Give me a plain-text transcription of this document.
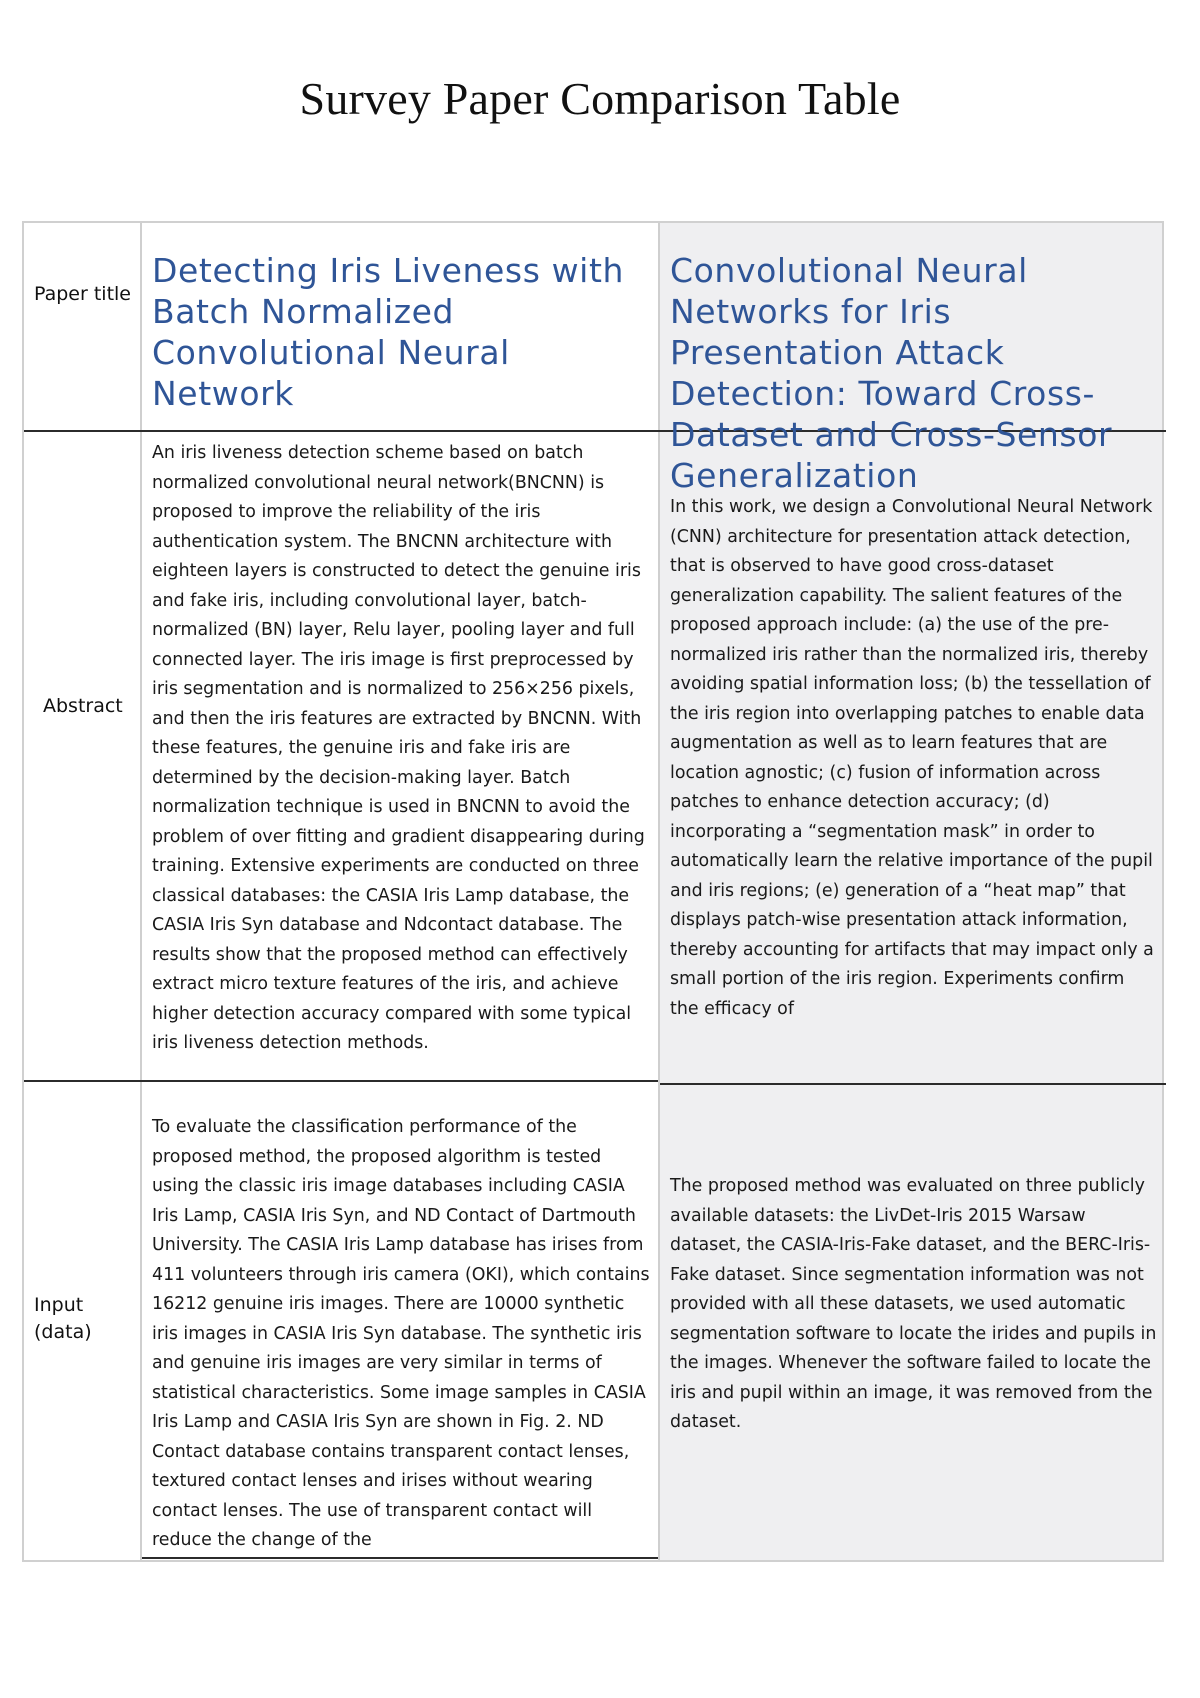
Survey Paper Comparison Table
Paper title
Abstract
Input (data)
Detecting Iris Liveness with Batch Normalized Convolutional Neural Network
Convolutional Neural Networks for Iris Presentation Attack Detection: Toward Cross-Dataset and Cross-Sensor Generalization

An iris liveness detection scheme based on batch normalized convolutional neural network(BNCNN) is proposed to improve the reliability of the iris authentication system. The BNCNN architecture with eighteen layers is constructed to detect the genuine iris and fake iris, including convolutional layer, batch-normalized (BN) layer, Relu layer, pooling layer and full connected layer. The iris image is first preprocessed by iris segmentation and is normalized to 256×256 pixels, and then the iris features are extracted by BNCNN. With these features, the genuine iris and fake iris are determined by the decision-making layer. Batch normalization technique is used in BNCNN to avoid the problem of over fitting and gradient disappearing during training. Extensive experiments are conducted on three classical databases: the CASIA Iris Lamp database, the CASIA Iris Syn database and Ndcontact database. The results show that the proposed method can effectively extract micro texture features of the iris, and achieve higher detection accuracy compared with some typical iris liveness detection methods.

In this work, we design a Convolutional Neural Network (CNN) architecture for presentation attack detection, that is observed to have good cross-dataset generalization capability. The salient features of the proposed approach include: (a) the use of the pre-normalized iris rather than the normalized iris, thereby avoiding spatial information loss; (b) the tessellation of the iris region into overlapping patches to enable data augmentation as well as to learn features that are location agnostic; (c) fusion of information across patches to enhance detection accuracy; (d) incorporating a “segmentation mask” in order to automatically learn the relative importance of the pupil and iris regions; (e) generation of a “heat map” that displays patch-wise presentation attack information, thereby accounting for artifacts that may impact only a small portion of the iris region. Experiments confirm the efficacy of

To evaluate the classification performance of the proposed method, the proposed algorithm is tested using the classic iris image databases including CASIA Iris Lamp, CASIA Iris Syn, and ND Contact of Dartmouth University. The CASIA Iris Lamp database has irises from 411 volunteers through iris camera (OKI), which contains 16212 genuine iris images. There are 10000 synthetic iris images in CASIA Iris Syn database. The synthetic iris and genuine iris images are very similar in terms of statistical characteristics. Some image samples in CASIA Iris Lamp and CASIA Iris Syn are shown in Fig. 2. ND Contact database contains transparent contact lenses, textured contact lenses and irises without wearing contact lenses. The use of transparent contact will reduce the change of the

The proposed method was evaluated on three publicly available datasets: the LivDet-Iris 2015 Warsaw dataset, the CASIA-Iris-Fake dataset, and the BERC-Iris-Fake dataset. Since segmentation information was not provided with all these datasets, we used automatic segmentation software to locate the irides and pupils in the images. Whenever the software failed to locate the iris and pupil within an image, it was removed from the dataset.
